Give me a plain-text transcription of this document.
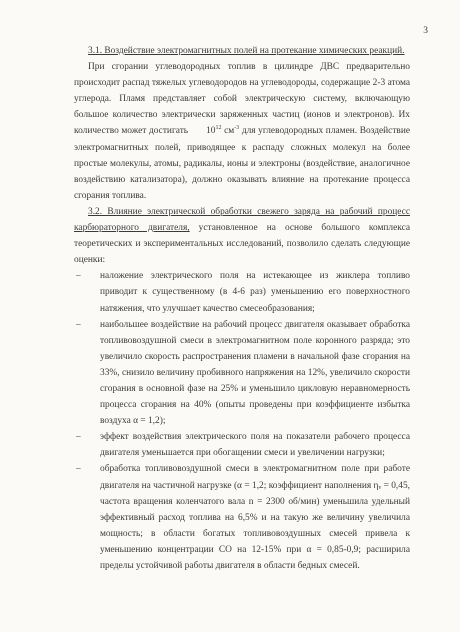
3

3.1. Воздействие электромагнитных полей на протекание химических реакций.

При сгорании углеводородных топлив в цилиндре ДВС предварительно происходит распад тяжелых углеводородов на углеводороды, содержащие 2-3 атома углерода. Пламя представляет собой электрическую систему, включающую большое количество электрически заряженных частиц (ионов и электронов). Их количество может достигать $10^{12}$ $см^{-3}$ для углеводородных пламен. Воздействие электромагнитных полей, приводящее к распаду сложных молекул на более простые молекулы, атомы, радикалы, ионы и электроны (воздействие, аналогичное воздействию катализатора), должно оказывать влияние на протекание процесса сгорания топлива.

3.2. Влияние электрической обработки свежего заряда на рабочий процесс карбюраторного двигателя, установленное на основе большого комплекса теоретических и экспериментальных исследований, позволило сделать следующие оценки:

– наложение электрического поля на истекающее из жиклера топливо приводит к существенному (в 4-6 раз) уменьшению его поверхностного натяжения, что улучшает качество смесеобразования;
– наибольшее воздействие на рабочий процесс двигателя оказывает обработка топливовоздушной смеси в электромагнитном поле коронного разряда; это увеличило скорость распространения пламени в начальной фазе сгорания на 33%, снизило величину пробивного напряжения на 12%, увеличило скорости сгорания в основной фазе на 25% и уменьшило цикловую неравномерность процесса сгорания на 40% (опыты проведены при коэффициенте избытка воздуха α = 1,2);
– эффект воздействия электрического поля на показатели рабочего процесса двигателя уменьшается при обогащении смеси и увеличении нагрузки;
– обработка топливовоздушной смеси в электромагнитном поле при работе двигателя на частичной нагрузке (α = 1,2; коэффициент наполнения ηᵥ = 0,45, частота вращения коленчатого вала n = 2300 об/мин) уменьшила удельный эффективный расход топлива на 6,5% и на такую же величину увеличила мощность; в области богатых топливовоздушных смесей привела к уменьшению концентрации СО на 12-15% при α = 0,85-0,9; расширила пределы устойчивой работы двигателя в области бедных смесей.
